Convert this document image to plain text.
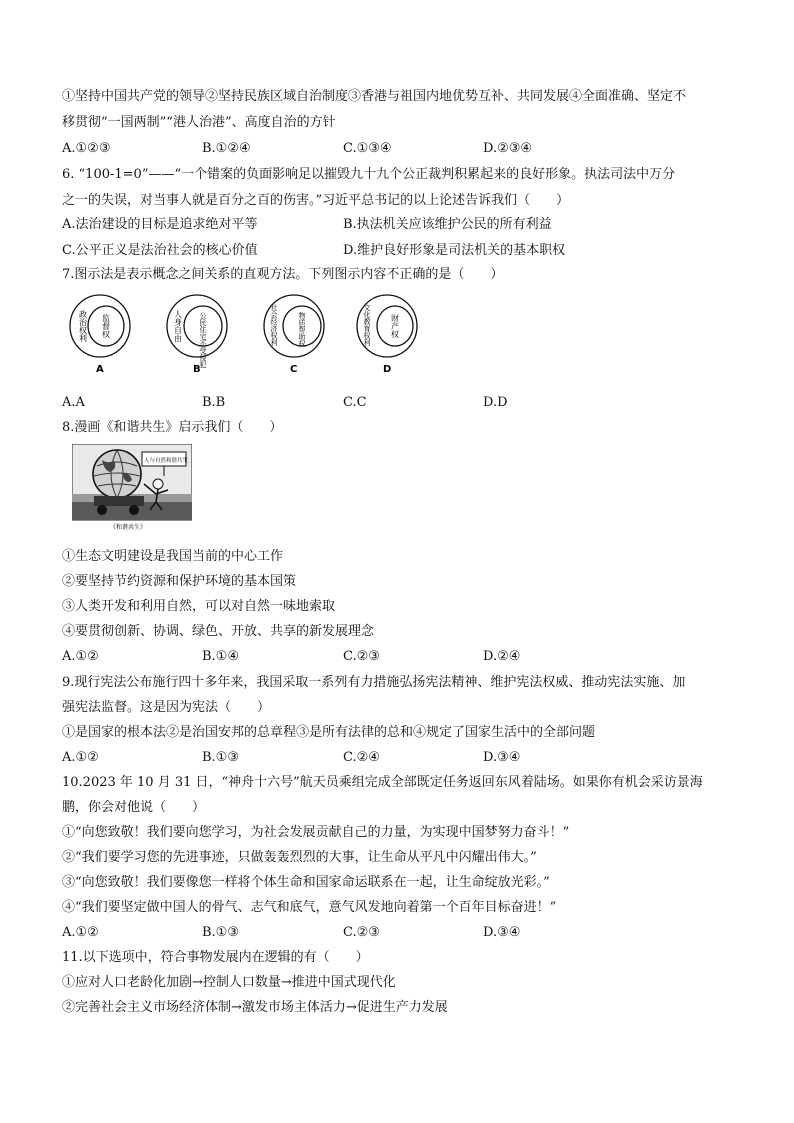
①坚持中国共产党的领导②坚持民族区域自治制度③香港与祖国内地优势互补、共同发展④全面准确、坚定不
移贯彻“一国两制”“港人治港”、高度自治的方针
A.①②③	B.①②④	C.①③④	D.②③④
6. “100-1=0”——“一个错案的负面影响足以摧毁九十九个公正裁判积累起来的良好形象。执法司法中万分
之一的失误，对当事人就是百分之百的伤害。”习近平总书记的以上论述告诉我们（　　）
A.法治建设的目标是追求绝对平等	B.执法机关应该维护公民的所有利益
C.公平正义是法治社会的核心价值	D.维护良好形象是司法机关的基本职权
7.图示法是表示概念之间关系的直观方法。下列图示内容不正确的是（　　）
政治权利 监督权
A
人身自由 公民住宅不受侵犯
B
社会经济权利	物质帮助权
C
文化教育权利 财产权
D
A.A	B.B	C.C	D.D
8.漫画《和谐共生》启示我们（　　）
人与自然和谐共生
《和谐共生》
①生态文明建设是我国当前的中心工作
②要坚持节约资源和保护环境的基本国策
③人类开发和利用自然，可以对自然一味地索取
④要贯彻创新、协调、绿色、开放、共享的新发展理念
A.①②	B.①④	C.②③	D.②④
9.现行宪法公布施行四十多年来，我国采取一系列有力措施弘扬宪法精神、维护宪法权威、推动宪法实施、加
强宪法监督。这是因为宪法（　　）
①是国家的根本法②是治国安邦的总章程③是所有法律的总和④规定了国家生活中的全部问题
A.①②	B.①③	C.②④	D.③④
10.2023 年 10 月 31 日，“神舟十六号”航天员乘组完成全部既定任务返回东风着陆场。如果你有机会采访景海
鹏，你会对他说（　　）
①“向您致敬！我们要向您学习，为社会发展贡献自己的力量，为实现中国梦努力奋斗！”
②“我们要学习您的先进事迹，只做轰轰烈烈的大事，让生命从平凡中闪耀出伟大。”
③“向您致敬！我们要像您一样将个体生命和国家命运联系在一起，让生命绽放光彩。”
④“我们要坚定做中国人的骨气、志气和底气，意气风发地向着第一个百年目标奋进！”
A.①②	B.①③	C.②③	D.③④
11.以下选项中，符合事物发展内在逻辑的有（　　）
①应对人口老龄化加剧→控制人口数量→推进中国式现代化
②完善社会主义市场经济体制→激发市场主体活力→促进生产力发展
